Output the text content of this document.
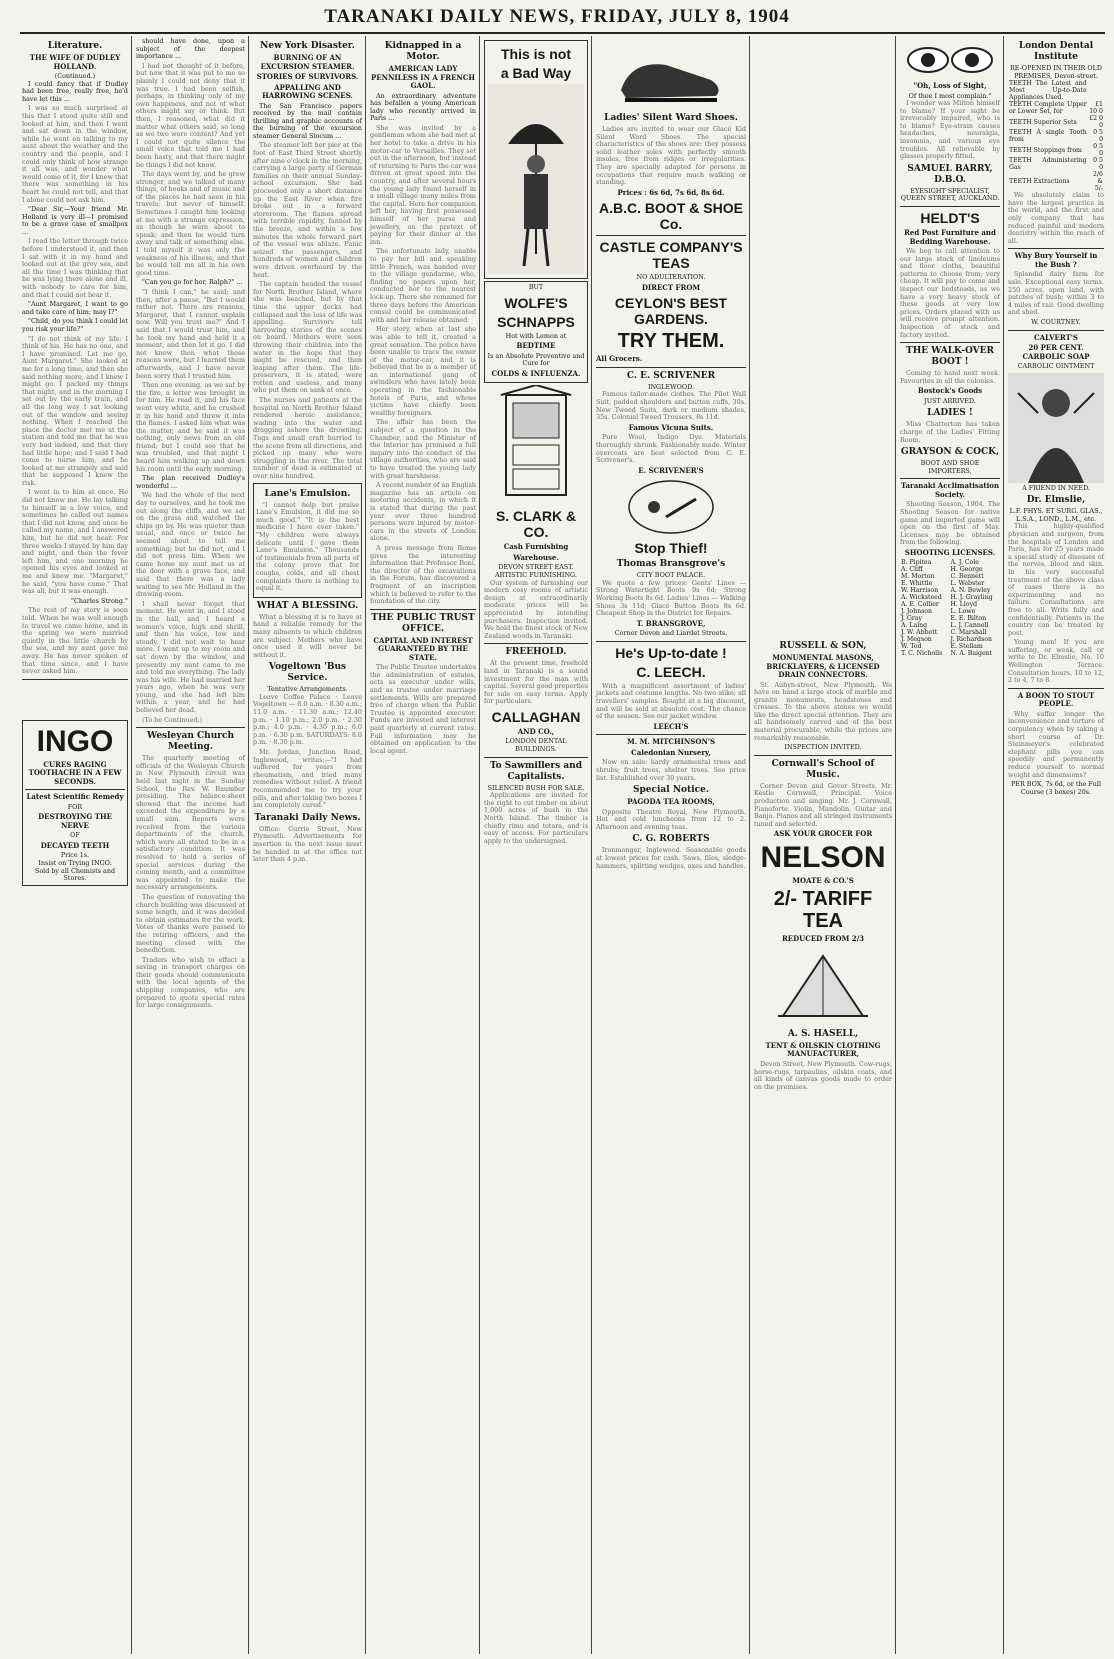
TARANAKI DAILY NEWS, FRIDAY, JULY 8, 1904
Literature.
THE WIFE OF DUDLEY HOLLAND.
(Continued.)

I could fancy that if Dudley had been free, really free, he'd have let this ...

I was so much surprised at this that I stood quite still and looked at him, and then I went and sat down in the window, while he went on talking to my aunt about the weather and the country and the people, and I could only think of how strange it all was, and wonder what would come of it, for I knew that there was something in his heart he could not tell, and that I alone could not ask him.

"Dear Sir,—Your friend Mr. Holland is very ill—I promised to be a grave case of smallpox ...

I read the letter through twice before I understood it, and then I sat with it in my hand and looked out at the grey sea, and all the time I was thinking that he was lying there alone and ill, with nobody to care for him, and that I could not bear it.

"Aunt Margaret, I want to go and take care of him; may I?"

"Child, do you think I could let you risk your life?"

"I do not think of my life; I think of his. He has no one, and I have promised. Let me go, Aunt Margaret." She looked at me for a long time, and then she said nothing more, and I knew I might go. I packed my things that night, and in the morning I set out by the early train, and all the long way I sat looking out of the window and seeing nothing. When I reached the place the doctor met me at the station and told me that he was very bad indeed, and that they had little hope; and I said I had come to nurse him, and he looked at me strangely and said that he supposed I knew the risk.

I went in to him at once. He did not know me. He lay talking to himself in a low voice, and sometimes he called out names that I did not know, and once he called my name, and I answered him, but he did not hear. For three weeks I stayed by him day and night, and then the fever left him, and one morning he opened his eyes and looked at me and knew me. "Margaret," he said, "you have come." That was all, but it was enough.

"Charles Strong."

The rest of my story is soon told. When he was well enough to travel we came home, and in the spring we were married quietly in the little church by the sea, and my aunt gave me away. He has never spoken of that time since, and I have never asked him.

INGO
CURES RAGING TOOTHACHE IN A FEW SECONDS.
Latest Scientific Remedy
FOR
DESTROYING THE NERVE
OF
DECAYED TEETH
Price 1s.
Insist on Trying INGO.
Sold by all Chemists and Stores.

should have done, upon a subject of the deepest importance ...

I had not thought of it before, but now that it was put to me so plainly I could not deny that it was true. I had been selfish, perhaps, in thinking only of my own happiness, and not of what others might say or think. But then, I reasoned, what did it matter what others said, so long as we two were content? And yet I could not quite silence the small voice that told me I had been hasty, and that there might be things I did not know.

The days went by, and he grew stronger, and we talked of many things, of books and of music and of the places he had seen in his travels; but never of himself. Sometimes I caught him looking at me with a strange expression, as though he were about to speak; and then he would turn away and talk of something else. I told myself it was only the weakness of his illness, and that he would tell me all in his own good time.

"Can you go for her, Ralph?" ...

"I think I can," he said; and then, after a pause, "But I would rather not. There are reasons, Margaret, that I cannot explain now. Will you trust me?" And I said that I would trust him, and he took my hand and held it a moment, and then let it go. I did not know then what those reasons were, but I learned them afterwards, and I have never been sorry that I trusted him.

Then one evening, as we sat by the fire, a letter was brought in for him. He read it, and his face went very white, and he crushed it in his hand and threw it into the flames. I asked him what was the matter, and he said it was nothing, only news from an old friend; but I could see that he was troubled, and that night I heard him walking up and down his room until the early morning.

The plan received Dudley's wonderful ...

We had the whole of the next day to ourselves, and he took me out along the cliffs, and we sat on the grass and watched the ships go by. He was quieter than usual, and once or twice he seemed about to tell me something; but he did not, and I did not press him. When we came home my aunt met us at the door with a grave face, and said that there was a lady waiting to see Mr. Holland in the drawing-room.

I shall never forget that moment. He went in, and I stood in the hall, and I heard a woman's voice, high and shrill, and then his voice, low and steady. I did not wait to hear more. I went up to my room and sat down by the window, and presently my aunt came to me and told me everything. The lady was his wife. He had married her years ago, when he was very young, and she had left him within a year, and he had believed her dead.

(To be Continued.)

Wesleyan Church Meeting.

The quarterly meeting of officials of the Wesleyan Church in New Plymouth circuit was held last night in the Sunday School, the Rev. W. Baumber presiding. The balance-sheet showed that the income had exceeded the expenditure by a small sum. Reports were received from the various departments of the church, which were all stated to be in a satisfactory condition. It was resolved to hold a series of special services during the coming month, and a committee was appointed to make the necessary arrangements.

The question of renovating the church building was discussed at some length, and it was decided to obtain estimates for the work. Votes of thanks were passed to the retiring officers, and the meeting closed with the benediction.

Traders who wish to effect a saving in transport charges on their goods should communicate with the local agents of the shipping companies, who are prepared to quote special rates for large consignments.

New York Disaster.
BURNING OF AN EXCURSION STEAMER.
STORIES OF SURVIVORS.
APPALLING AND HARROWING SCENES.

The San Francisco papers received by the mail contain thrilling and graphic accounts of the burning of the excursion steamer General Slocum ...

The steamer left her pier at the foot of East Third Street shortly after nine o'clock in the morning, carrying a large party of German families on their annual Sunday-school excursion. She had proceeded only a short distance up the East River when fire broke out in a forward storeroom. The flames spread with terrible rapidity, fanned by the breeze, and within a few minutes the whole forward part of the vessel was ablaze. Panic seized the passengers, and hundreds of women and children were driven overboard by the heat.

The captain headed the vessel for North Brother Island, where she was beached, but by that time the upper decks had collapsed and the loss of life was appalling. Survivors tell harrowing stories of the scenes on board. Mothers were seen throwing their children into the water in the hope that they might be rescued, and then leaping after them. The life-preservers, it is stated, were rotten and useless, and many who put them on sank at once.

The nurses and patients at the hospital on North Brother Island rendered heroic assistance, wading into the water and dragging ashore the drowning. Tugs and small craft hurried to the scene from all directions, and picked up many who were struggling in the river. The total number of dead is estimated at over nine hundred.

Lane's Emulsion.

"I cannot help but praise Lane's Emulsion, it did me so much good." "It is the best medicine I have ever taken." "My children were always delicate until I gave them Lane's Emulsion." Thousands of testimonials from all parts of the colony prove that for coughs, colds, and all chest complaints there is nothing to equal it.

WHAT A BLESSING.

What a blessing it is to have at hand a reliable remedy for the many ailments to which children are subject. Mothers who have once used it will never be without it.

Vogeltown 'Bus Service.
Tentative Arrangements.

Leave Coffee Palace · Leave Vogeltown — 8.0 a.m. · 8.30 a.m.; 11.0 a.m. · 11.30 a.m.; 12.40 p.m. · 1.10 p.m.; 2.0 p.m. · 2.30 p.m.; 4.0 p.m. · 4.30 p.m.; 6.0 p.m. · 6.30 p.m. SATURDAYS: 8.0 p.m. · 8.30 p.m.

Mr. Jordan, Junction Road, Inglewood, writes:—"I had suffered for years from rheumatism, and tried many remedies without relief. A friend recommended me to try your pills, and after taking two boxes I am completely cured."

Taranaki Daily News.

Office: Currie Street, New Plymouth. Advertisements for insertion in the next issue must be handed in at the office not later than 4 p.m.

Kidnapped in a Motor.
AMERICAN LADY PENNILESS IN A FRENCH GAOL.

An extraordinary adventure has befallen a young American lady who recently arrived in Paris ...

She was invited by a gentleman whom she had met at her hotel to take a drive in his motor-car to Versailles. They set out in the afternoon, but instead of returning to Paris the car was driven at great speed into the country, and after several hours the young lady found herself in a small village many miles from the capital. Here her companion left her, having first possessed himself of her purse and jewellery, on the pretext of paying for their dinner at the inn.

The unfortunate lady, unable to pay her bill and speaking little French, was handed over to the village gendarme, who, finding no papers upon her, conducted her to the nearest lock-up. There she remained for three days before the American consul could be communicated with and her release obtained.

Her story, when at last she was able to tell it, created a great sensation. The police have been unable to trace the owner of the motor-car, and it is believed that he is a member of an international gang of swindlers who have lately been operating in the fashionable hotels of Paris, and whose victims have chiefly been wealthy foreigners.

The affair has been the subject of a question in the Chamber, and the Minister of the Interior has promised a full inquiry into the conduct of the village authorities, who are said to have treated the young lady with great harshness.

A recent number of an English magazine has an article on motoring accidents, in which it is stated that during the past year over three hundred persons were injured by motor-cars in the streets of London alone.

A press message from Rome gives the interesting information that Professor Boni, the director of the excavations in the Forum, has discovered a fragment of an inscription which is believed to refer to the foundation of the city.

THE PUBLIC TRUST OFFICE.
CAPITAL AND INTEREST GUARANTEED BY THE STATE.

The Public Trustee undertakes the administration of estates, acts as executor under wills, and as trustee under marriage settlements. Wills are prepared free of charge when the Public Trustee is appointed executor. Funds are invested and interest paid quarterly at current rates. Full information may be obtained on application to the local agent.

This is not
a Bad Way
BUT
WOLFE'S
SCHNAPPS
Hot with Lemon at
BEDTIME
Is an Absolute Preventive and Cure for
COLDS & INFLUENZA.
S. CLARK & CO.
Cash Furnishing
Warehouse.
DEVON STREET EAST.
ARTISTIC FURNISHING.

Our system of furnishing our modern cosy rooms of artistic design at extraordinarily moderate prices will be appreciated by intending purchasers. Inspection invited. We hold the finest stock of New Zealand woods in Taranaki.

FREEHOLD.

At the present time, freehold land in Taranaki is a sound investment for the man with capital. Several good properties for sale on easy terms. Apply for particulars.

CALLAGHAN
AND CO.,
LONDON DENTAL BUILDINGS.
To Sawmillers and Capitalists.
SILENCED BUSH FOR SALE.

Applications are invited for the right to cut timber on about 1,000 acres of bush in the North Island. The timber is chiefly rimu and totara, and is easy of access. For particulars apply to the undersigned.

Ladies' Silent Ward Shoes.

Ladies are invited to wear our Glacé Kid Silent Ward Shoes. The special characteristics of the shoes are: they possess solid leather soles with perfectly smooth insoles, free from ridges or irregularities. They are specially adapted for persons in occupations that require much walking or standing.

Prices : 6s 6d, 7s 6d, 8s 6d.
A.B.C. BOOT & SHOE Co.
CASTLE COMPANY'S TEAS
NO ADULTERATION.
DIRECT FROM
CEYLON'S BEST GARDENS.
TRY THEM.
All Grocers.
C. E. SCRIVENER
INGLEWOOD.

Famous tailor-made clothes. The Pilot Wall Suit, padded shoulders and button cuffs, 30s. New Tweed Suits, dark or medium shades, 35s. Colonial Tweed Trousers, 8s 11d.

Famous Vicuna Suits.

Pure Wool, Indigo Dye. Materials thoroughly shrunk. Fashionably made. Winter overcoats are best selected from C. E. Scrivener's.

E. SCRIVENER'S
Stop Thief!
Thomas Bransgrove's
CITY BOOT PALACE.

We quote a few prices: Gents' Lines — Strong Watertight Boots 9s 6d; Strong Working Boots 8s 6d. Ladies' Lines — Walking Shoes 3s 11d; Glacé Button Boots 8s 6d. Cheapest Shop in the District for Repairs.

T. BRANSGROVE,
Corner Devon and Liardet Streets.
He's Up-to-date !
C. LEECH.

With a magnificent assortment of ladies' jackets and costume lengths. No two alike; all travellers' samples. Bought at a big discount, and will be sold at absolute cost. The chance of the season. See our jacket window.

LEECH'S
M. M. MITCHINSON'S
Caledonian Nursery,

Now on sale: hardy ornamental trees and shrubs; fruit trees, shelter trees. See price list. Established over 30 years.

Special Notice.
PAGODA TEA ROOMS,

Opposite Theatre Royal, New Plymouth. Hot and cold luncheons from 12 to 2. Afternoon and evening teas.

C. G. ROBERTS

Ironmonger, Inglewood. Seasonable goods at lowest prices for cash. Saws, files, sledge-hammers, splitting wedges, axes and handles.

RUSSELL & SON,
MONUMENTAL MASONS, BRICKLAYERS, & LICENSED DRAIN CONNECTORS.

St. Aubyn-street, New Plymouth. We have on hand a large stock of marble and granite monuments, headstones and crosses. To the above stones we would like the direct special attention. They are all handsomely carved and of the best material procurable, while the prices are remarkably reasonable.

INSPECTION INVITED.
Cornwall's School of Music.

Corner Devon and Gover Streets. Mr. Kestle Cornwall, Principal. Voice production and singing. Mr. J. Cornwall, Pianoforte. Violin, Mandolin, Guitar and Banjo. Pianos and all stringed instruments tuned and selected.

ASK YOUR GROCER FOR
NELSON
MOATE & CO.'S
2/- TARIFF TEA
REDUCED FROM 2/3
A. S. HASELL,
TENT & OILSKIN CLOTHING MANUFACTURER,

Devon Street, New Plymouth. Cow-rugs, horse-rugs, tarpaulins, oilskin coats, and all kinds of canvas goods made to order on the premises.

"Oh, Loss of Sight,
Of thee I most complain."

I wonder was Milton himself to blame? If your sight be irrevocably impaired, who is to blame? Eye-strain causes headaches, neuralgia, insomnia, and various eye troubles. All relievable by glasses properly fitted.

SAMUEL BARRY, D.B.O.
EYESIGHT SPECIALIST, QUEEN STREET, AUCKLAND.
HELDT'S
Red Post Furniture and Bedding Warehouse.

We beg to call attention to our large stock of linoleums and floor cloths, beautiful patterns to choose from; very cheap. It will pay to come and inspect our bedsteads, as we have a very heavy stock of these goods at very low prices. Orders placed with us will receive prompt attention. Inspection of stock and factory invited.

THE WALK-OVER BOOT !

Coming to hand next week. Favourites in all the colonies.

Bostock's Goods
JUST ARRIVED.
LADIES !

Miss Chatterton has taken charge of the Ladies' Fitting Room.

GRAYSON & COCK,
BOOT AND SHOE IMPORTERS,
Taranaki Acclimatisation Society.

Shooting Season, 1904. The Shooting Season for native game and imported game will open on the first of May. Licenses may be obtained from the following.

SHOOTING LICENSES.
B. Pipitea	A. J. Cole
A. Cliff	H. George
M. Morton	C. Bennett
E. Whittle	L. Webster
W. Harrison	A. N. Bewley
A. Wicksteed	H. J. Grayling
A. E. Collier	H. Lloyd
J. Johnson	L. Lowe
J. Gray	E. E. Bilton
A. Laing	L. J. Cannell
J. W. Abbott	C. Marshall
J. Megson	J. Richardson
W. Tod	E. Stellam
T. C. Nicholls	N. A. Baigent
London Dental Institute
RE-OPENED IN THEIR OLD PREMISES, Devon-street.
TEETH The Latest and Most Up-to-Date Appliances Used.	
TEETH Complete Upper or Lower Set, for	£1 10 0
TEETH Superior Sets	£2 0 0
TEETH A single Tooth from	0 5 0
TEETH Stoppings from	0 5 0
TEETH Administering Gas	0 5 0
TEETH Extractions	2/6 & 5/-

We absolutely claim to have the largest practice in the world, and the first and only company that has reduced painful and modern dentistry within the reach of all.

Why Bury Yourself in the Bush ?

Splendid dairy farm for sale. Exceptional easy terms. 250 acres, open land, with patches of bush; within 3 to 4 miles of rail. Good dwelling and shed.

W. COURTNEY.
CALVERT'S
20 PER CENT. CARBOLIC SOAP
CARBOLIC OINTMENT
A FRIEND IN NEED.
Dr. Elmslie,
L.F. PHYS. ET SURG. GLAS., L.S.A., LOND., L.M., etc.

This highly-qualified physician and surgeon, from the hospitals of London and Paris, has for 25 years made a special study of diseases of the nerves, blood and skin. In his very successful treatment of the above class of cases there is no experimenting and no failure. Consultations are free to all. Write fully and confidentially. Patients in the country can be treated by post.

Young men! If you are suffering, or weak, call or write to Dr. Elmslie, No. 10 Wellington Terrace. Consultation hours, 10 to 12, 2 to 4, 7 to 8.

A BOON TO STOUT PEOPLE.

Why suffer longer the inconvenience and torture of corpulency when by taking a short course of Dr. Steinmeyer's celebrated elephant pills you can speedily and permanently reduce yourself to normal weight and dimensions?

PER BOX, 7s 6d, or the Full Course (3 boxes) 20s.
